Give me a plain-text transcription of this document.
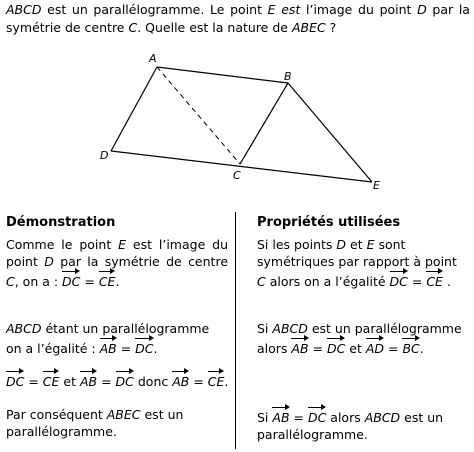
ABCD est un parallélogramme. Le point E est l’image du point D par la symétrie de centre C. Quelle est la nature de ABEC ?
A
B
C
D
E
Démonstration
Comme le point E est l’image du point D par la symétrie de centre C, on a : DC = CE.
ABCD étant un parallélogramme on a l’égalité : AB = DC.
DC = CE et AB = DC donc AB = CE.
Par conséquent ABEC est un parallélogramme.
Propriétés utilisées
Si les points D et E sont symétriques par rapport à point C alors on a l’égalité DC = CE .
Si ABCD est un parallélogramme alors AB = DC et AD = BC.
Si AB = DC alors ABCD est un parallélogramme.
